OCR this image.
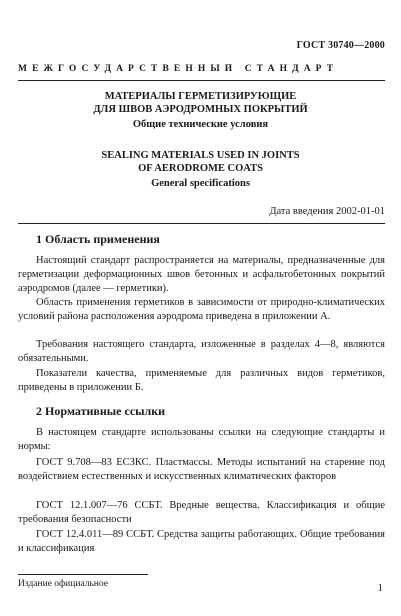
ГОСТ 30740—2000
МЕЖГОСУДАРСТВЕННЫЙ СТАНДАРТ

МАТЕРИАЛЫ ГЕРМЕТИЗИРУЮЩИЕ

ДЛЯ ШВОВ АЭРОДРОМНЫХ ПОКРЫТИЙ

Общие технические условия

SEALING MATERIALS USED IN JOINTS

OF AERODROME COATS

General specifications

Дата введения 2002-01-01
1 Область применения

Настоящий стандарт распространяется на материалы, предназначенные для герметизации деформационных швов бетонных и асфальтобетонных покрытий аэродромов (далее — герметики).

Область применения герметиков в зависимости от природно-климатических условий района расположения аэродрома приведена в приложении А.

Требования настоящего стандарта, изложенные в разделах 4—8, являются обязательными.

Показатели качества, применяемые для различных видов герметиков, приведены в приложении Б.

2 Нормативные ссылки

В настоящем стандарте использованы ссылки на следующие стандарты и нормы:

ГОСТ 9.708—83 ЕСЗКС. Пластмассы. Методы испытаний на старение под воздействием естественных и искусственных климатических факторов

ГОСТ 12.1.007—76 ССБТ. Вредные вещества. Классификация и общие требования безопасности

ГОСТ 12.4.011—89 ССБТ. Средства защиты работающих. Общие требования и классификация

Издание официальное	1
